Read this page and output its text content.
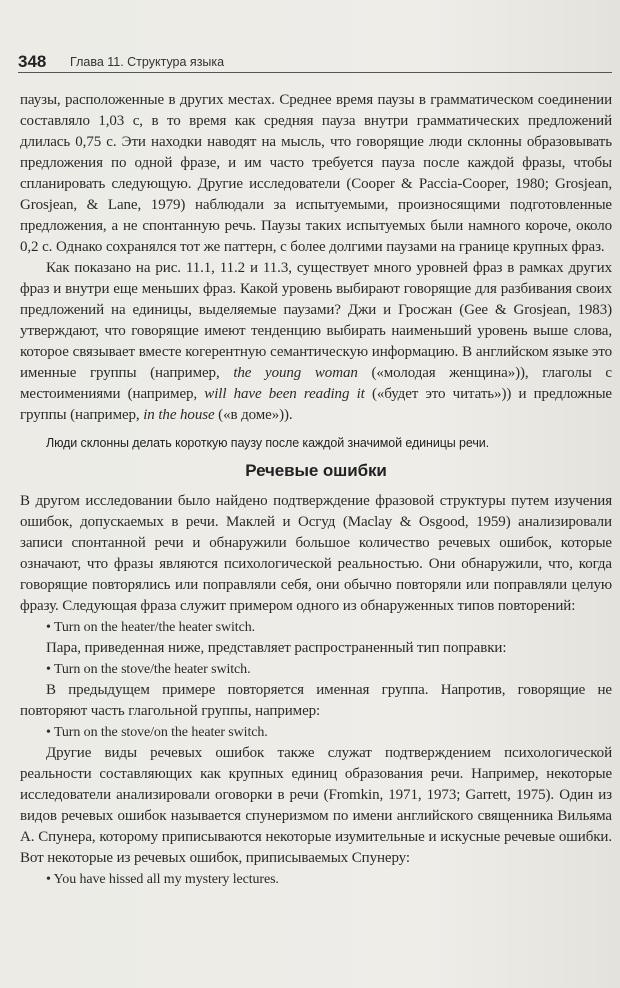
348 Глава 11. Структура языка

паузы, расположенные в других местах. Среднее время паузы в грамматическом соединении составляло 1,03 с, в то время как средняя пауза внутри грамматических предложений длилась 0,75 с. Эти находки наводят на мысль, что говорящие люди склонны образовывать предложения по одной фразе, и им часто требуется пауза после каждой фразы, чтобы спланировать следующую. Другие исследователи (Cooper & Paccia-Cooper, 1980; Grosjean, Grosjean, & Lane, 1979) наблюдали за испытуемыми, произносящими подготовленные предложения, а не спонтанную речь. Паузы таких испытуемых были намного короче, около 0,2 с. Однако сохранялся тот же паттерн, с более долгими паузами на границе крупных фраз.

Как показано на рис. 11.1, 11.2 и 11.3, существует много уровней фраз в рамках других фраз и внутри еще меньших фраз. Какой уровень выбирают говорящие для разбивания своих предложений на единицы, выделяемые паузами? Джи и Гросжан (Gee & Grosjean, 1983) утверждают, что говорящие имеют тенденцию выбирать наименьший уровень выше слова, которое связывает вместе когерентную семантическую информацию. В английском языке это именные группы (например, the young woman («молодая женщина»)), глаголы с местоимениями (например, will have been reading it («будет это читать»)) и предложные группы (например, in the house («в доме»)).

Люди склонны делать короткую паузу после каждой значимой единицы речи.
Речевые ошибки

В другом исследовании было найдено подтверждение фразовой структуры путем изучения ошибок, допускаемых в речи. Маклей и Осгуд (Maclay & Osgood, 1959) анализировали записи спонтанной речи и обнаружили большое количество речевых ошибок, которые означают, что фразы являются психологической реальностью. Они обнаружили, что, когда говорящие повторялись или поправляли себя, они обычно повторяли или поправляли целую фразу. Следующая фраза служит примером одного из обнаруженных типов повторений:

• Turn on the heater/the heater switch.

Пара, приведенная ниже, представляет распространенный тип поправки:

• Turn on the stove/the heater switch.

В предыдущем примере повторяется именная группа. Напротив, говорящие не повторяют часть глагольной группы, например:

• Turn on the stove/on the heater switch.

Другие виды речевых ошибок также служат подтверждением психологической реальности составляющих как крупных единиц образования речи. Например, некоторые исследователи анализировали оговорки в речи (Fromkin, 1971, 1973; Garrett, 1975). Один из видов речевых ошибок называется спунеризмом по имени английского священника Вильяма А. Спунера, которому приписываются некоторые изумительные и искусные речевые ошибки. Вот некоторые из речевых ошибок, приписываемых Спунеру:

• You have hissed all my mystery lectures.
